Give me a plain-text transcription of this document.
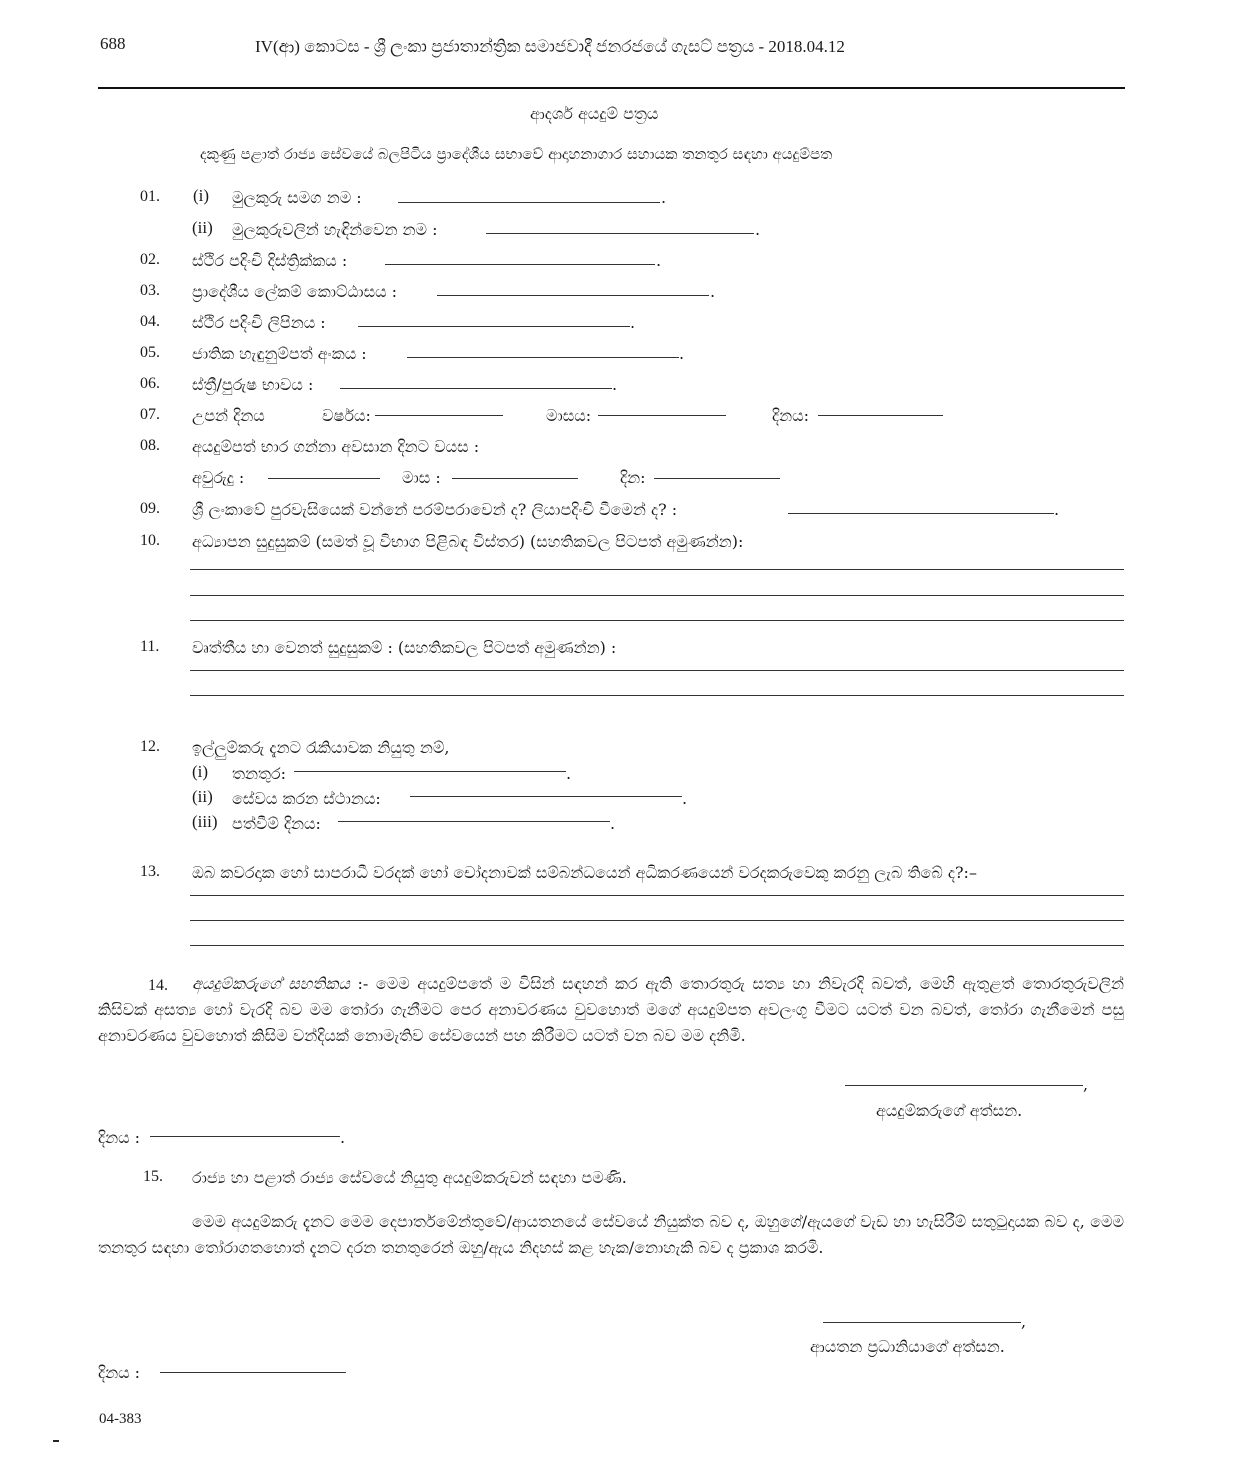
688	IV(ආ) කොටස - ශ්‍රී ලංකා ප්‍රජාතාන්ත්‍රික සමාජවාදී ජනරජයේ ගැසට් පත්‍රය - 2018.04.12
ආදර්ශ අයදුම් පත්‍රය
දකුණු පළාත් රාජ්‍ය සේවයේ බලපිටිය ප්‍රාදේශීය සභාවේ ආදාහනාගාර සහායක තනතුර සඳහා අයදුම්පත
01. (i) මුලකුරු සමග නම :	.
(ii) මුලකුරුවලින් හැඳින්වෙන නම :	.
02. ස්ථිර පදිංචි දිස්ත්‍රික්කය :	.
03. ප්‍රාදේශීය ලේකම් කොට්ඨාසය :	.
04. ස්ථිර පදිංචි ලිපිනය :	.
05. ජාතික හැඳුනුම්පත් අංකය :	.
06. ස්ත්‍රී/පුරුෂ භාවය :	.
07. උපන් දිනය	වර්ෂය:	මාසය:	දිනය:
08. අයදුම්පත් භාර ගන්නා අවසාන දිනට වයස :
අවුරුදු :	මාස :	දින:
09. ශ්‍රී ලංකාවේ පුරවැසියෙක් වන්නේ පරම්පරාවෙන් ද? ලියාපදිංචි වීමෙන් ද? :	.
10. අධ්‍යාපන සුදුසුකම් (සමත් වූ විභාග පිළිබඳ විස්තර) (සහතිකවල පිටපත් අමුණන්න):
11. වෘත්තීය හා වෙනත් සුදුසුකම් : (සහතිකවල පිටපත් අමුණන්න) :
12. ඉල්ලුම්කරු දැනට රැකියාවක නියුතු නම්,
(i) තනතුර:	.
(ii) සේවය කරන ස්ථානය:	.
(iii) පත්වීම් දිනය:	.
13. ඔබ කවරදාක හෝ සාපරාධී වරදක් හෝ චෝදනාවක් සම්බන්ධයෙන් අධිකරණයෙන් වරදකරුවෙකු කරනු ලැබ තිබේ ද?:–
14.	අයදුම්කරුගේ සහතිකය :- මෙම අයදුම්පතේ ම විසින් සඳහන් කර ඇති තොරතුරු සත්‍ය හා නිවැරදි බවත්, මෙහි ඇතුළත් තොරතුරුවලින් කිසිවක් අසත්‍ය හෝ වැරදි බව මම තෝරා ගැනීමට පෙර අනාවරණය වුවහොත් මගේ අයදුම්පත අවලංගු වීමට යටත් වන බවත්, තෝරා ගැනීමෙන් පසු අනාවරණය වුවහොත් කිසිම වන්දියක් නොමැතිව සේවයෙන් පහ කිරීමට යටත් වන බව මම දනිමි.
,
අයදුම්කරුගේ අත්සන.
දිනය :	.
15. රාජ්‍ය හා පළාත් රාජ්‍ය සේවයේ නියුතු අයදුම්කරුවන් සඳහා පමණි.
මෙම අයදුම්කරු දැනට මෙම දෙපාර්තමේන්තුවේ/ආයතනයේ සේවයේ නියුක්ත බව ද, ඔහුගේ/ඇයගේ වැඩ හා හැසිරීම් සතුටුදායක බව ද, මෙම තනතුර සඳහා තෝරාගතහොත් දැනට දරන තනතුරෙන් ඔහු/ඇය නිදහස් කළ හැක/නොහැකි බව ද ප්‍රකාශ කරමි.
,
ආයතන ප්‍රධානියාගේ අත්සන.
දිනය :
04-383
